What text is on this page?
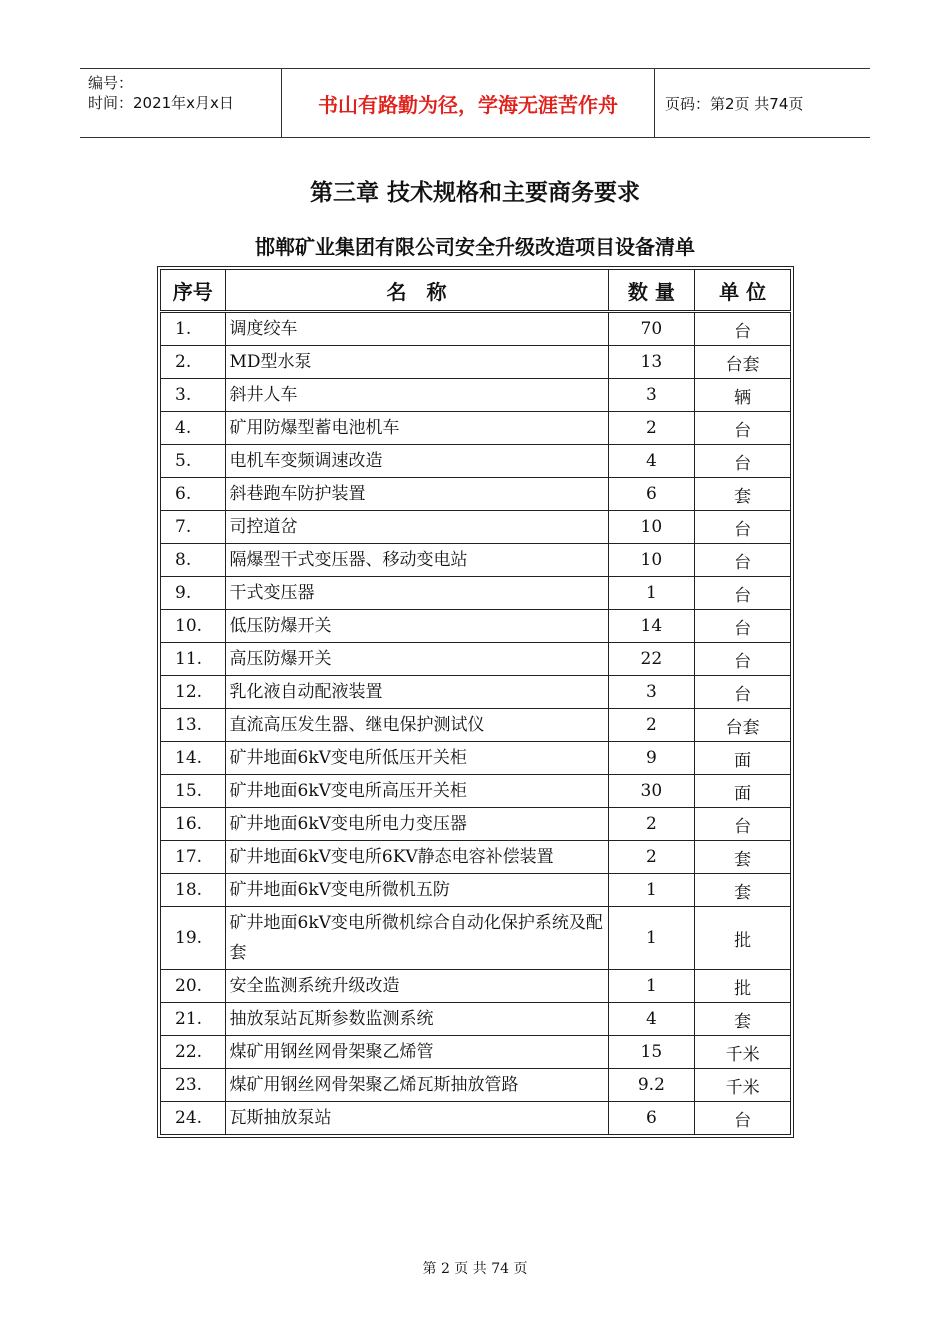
编号：
时间：2021年x月x日	书山有路勤为径，学海无涯苦作舟	页码：第2页 共74页
第三章 技术规格和主要商务要求
邯郸矿业集团有限公司安全升级改造项目设备清单
序号	名　称	数 量	单 位
1.	调度绞车	70	台
2.	MD型水泵	13	台套
3.	斜井人车	3	辆
4.	矿用防爆型蓄电池机车	2	台
5.	电机车变频调速改造	4	台
6.	斜巷跑车防护装置	6	套
7.	司控道岔	10	台
8.	隔爆型干式变压器、移动变电站	10	台
9.	干式变压器	1	台
10.	低压防爆开关	14	台
11.	高压防爆开关	22	台
12.	乳化液自动配液装置	3	台
13.	直流高压发生器、继电保护测试仪	2	台套
14.	矿井地面6kV变电所低压开关柜	9	面
15.	矿井地面6kV变电所高压开关柜	30	面
16.	矿井地面6kV变电所电力变压器	2	台
17.	矿井地面6kV变电所6KV静态电容补偿装置	2	套
18.	矿井地面6kV变电所微机五防	1	套
19.	矿井地面6kV变电所微机综合自动化保护系统及配套	1	批
20.	安全监测系统升级改造	1	批
21.	抽放泵站瓦斯参数监测系统	4	套
22.	煤矿用钢丝网骨架聚乙烯管	15	千米
23.	煤矿用钢丝网骨架聚乙烯瓦斯抽放管路	9.2	千米
24.	瓦斯抽放泵站	6	台
第 2 页 共 74 页
